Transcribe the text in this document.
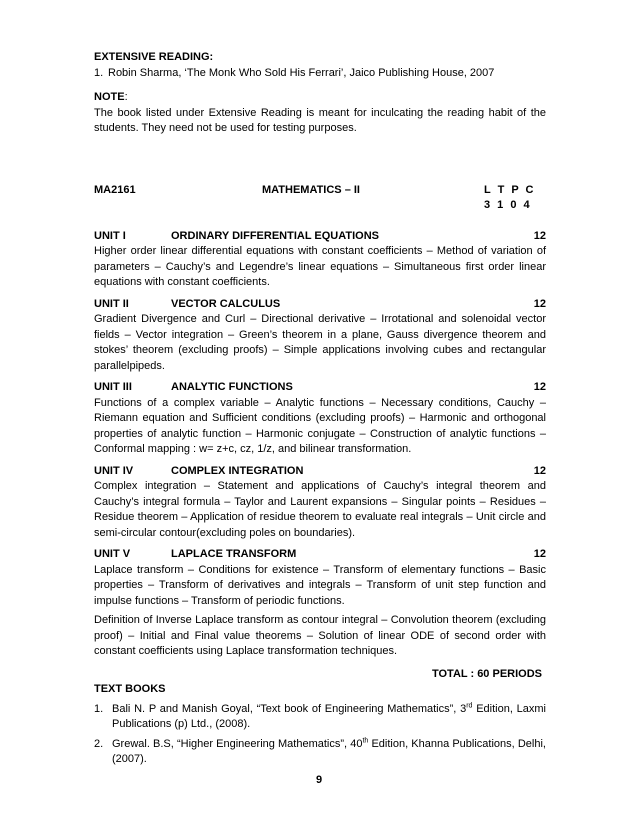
EXTENSIVE READING:
1. Robin Sharma, ‘The Monk Who Sold His Ferrari’, Jaico Publishing House, 2007
NOTE:

The book listed under Extensive Reading is meant for inculcating the reading habit of the students. They need not be used for testing purposes.

MA2161	MATHEMATICS – II	L T P C
3 1 0 4
UNIT I	ORDINARY DIFFERENTIAL EQUATIONS	12

Higher order linear differential equations with constant coefficients – Method of variation of parameters – Cauchy’s and Legendre’s linear equations – Simultaneous first order linear equations with constant coefficients.

UNIT II	VECTOR CALCULUS	12

Gradient Divergence and Curl – Directional derivative – Irrotational and solenoidal vector fields – Vector integration – Green’s theorem in a plane, Gauss divergence theorem and stokes’ theorem (excluding proofs) – Simple applications involving cubes and rectangular parallelpipeds.

UNIT III	ANALYTIC FUNCTIONS	12

Functions of a complex variable – Analytic functions – Necessary conditions, Cauchy – Riemann equation and Sufficient conditions (excluding proofs) – Harmonic and orthogonal properties of analytic function – Harmonic conjugate – Construction of analytic functions – Conformal mapping : w= z+c, cz, 1/z, and bilinear transformation.

UNIT IV	COMPLEX INTEGRATION	12

Complex integration – Statement and applications of Cauchy’s integral theorem and Cauchy’s integral formula – Taylor and Laurent expansions – Singular points – Residues – Residue theorem – Application of residue theorem to evaluate real integrals – Unit circle and semi-circular contour(excluding poles on boundaries).

UNIT V	LAPLACE TRANSFORM	12

Laplace transform – Conditions for existence – Transform of elementary functions – Basic properties – Transform of derivatives and integrals – Transform of unit step function and impulse functions – Transform of periodic functions.

Definition of Inverse Laplace transform as contour integral – Convolution theorem (excluding proof) – Initial and Final value theorems – Solution of linear ODE of second order with constant coefficients using Laplace transformation techniques.

TOTAL : 60 PERIODS
TEXT BOOKS
1. Bali N. P and Manish Goyal, “Text book of Engineering Mathematics”, 3rd Edition, Laxmi Publications (p) Ltd., (2008).
2. Grewal. B.S, “Higher Engineering Mathematics”, 40th Edition, Khanna Publications, Delhi, (2007).
9
